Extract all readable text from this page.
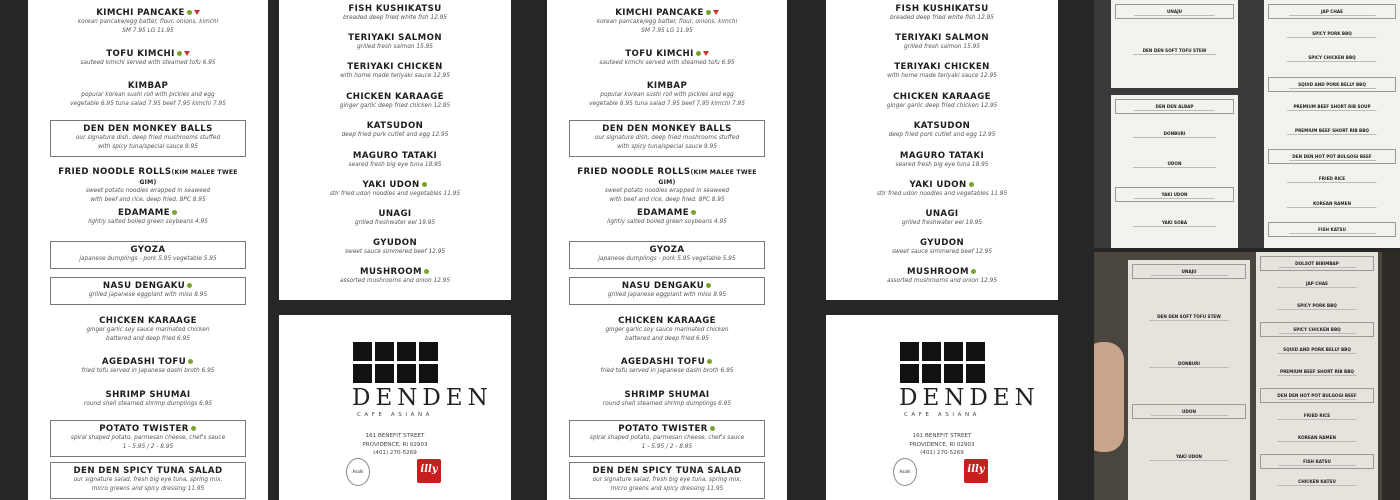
KIMCHI PANCAKE
korean pancake/egg batter, flour, onions, kimchi
SM 7.95 LG 11.95
TOFU KIMCHI
sauteed kimchi served with steamed tofu 6.95
KIMBAP
popular korean sushi roll with pickles and egg
vegetable 6.95 tuna salad 7.95 beef 7.95 kimchi 7.95
DEN DEN MONKEY BALLS
our signature dish, deep fried mushrooms stuffed
with spicy tuna/special sauce 9.95
FRIED NOODLE ROLLS(KIM MALEE TWEE GIM)
sweet potato noodles wrapped in seaweed
with beef and rice, deep fried. 8PC 8.95
EDAMAME
lightly salted boiled green soybeans 4.95
GYOZA
japanese dumplings - pork 5.95 vegetable 5.95
NASU DENGAKU
grilled japanese eggplant with miso 8.95
CHICKEN KARAAGE
ginger garlic soy sauce marinated chicken
battered and deep fried 6.95
AGEDASHI TOFU
fried tofu served in Japanese dashi broth 6.95
SHRIMP SHUMAI
round shell steamed shrimp dumplings 6.95
POTATO TWISTER
spiral shaped potato, parmesan cheese, chef's sauce
1 - 5.95 / 2 - 8.95
DEN DEN SPICY TUNA SALAD
our signature salad, fresh big eye tuna, spring mix,
micro greens and spicy dressing 11.95
FISH KUSHIKATSU
breaded deep fried white fish 12.95
TERIYAKI SALMON
grilled fresh salmon 15.95
TERIYAKI CHICKEN
with home made teriyaki sauce 12.95
CHICKEN KARAAGE
ginger garlic deep fried chicken 12.95
KATSUDON
deep fried pork cutlet and egg 12.95
MAGURO TATAKI
seared fresh big eye tuna 18.95
YAKI UDON
stir fried udon noodles and vegetables 11.95
UNAGI
grilled freshwater eel 19.95
GYUDON
sweet sauce simmered beef 12.95
MUSHROOM
assorted mushrooms and onion 12.95
DENDEN
CAFE ASIANA
161 BENEFIT STREET
PROVIDENCE, RI 02903
(401) 270-5269
Asahi	illy
KIMCHI PANCAKE
korean pancake/egg batter, flour, onions, kimchi
SM 7.95 LG 11.95
TOFU KIMCHI
sauteed kimchi served with steamed tofu 6.95
KIMBAP
popular korean sushi roll with pickles and egg
vegetable 6.95 tuna salad 7.95 beef 7.95 kimchi 7.95
DEN DEN MONKEY BALLS
our signature dish, deep fried mushrooms stuffed
with spicy tuna/special sauce 9.95
FRIED NOODLE ROLLS(KIM MALEE TWEE GIM)
sweet potato noodles wrapped in seaweed
with beef and rice, deep fried. 8PC 8.95
EDAMAME
lightly salted boiled green soybeans 4.95
GYOZA
japanese dumplings - pork 5.95 vegetable 5.95
NASU DENGAKU
grilled japanese eggplant with miso 8.95
CHICKEN KARAAGE
ginger garlic soy sauce marinated chicken
battered and deep fried 6.95
AGEDASHI TOFU
fried tofu served in Japanese dashi broth 6.95
SHRIMP SHUMAI
round shell steamed shrimp dumplings 6.95
POTATO TWISTER
spiral shaped potato, parmesan cheese, chef's sauce
1 - 5.95 / 2 - 8.95
DEN DEN SPICY TUNA SALAD
our signature salad, fresh big eye tuna, spring mix,
micro greens and spicy dressing 11.95
FISH KUSHIKATSU
breaded deep fried white fish 12.95
TERIYAKI SALMON
grilled fresh salmon 15.95
TERIYAKI CHICKEN
with home made teriyaki sauce 12.95
CHICKEN KARAAGE
ginger garlic deep fried chicken 12.95
KATSUDON
deep fried pork cutlet and egg 12.95
MAGURO TATAKI
seared fresh big eye tuna 18.95
YAKI UDON
stir fried udon noodles and vegetables 11.95
UNAGI
grilled freshwater eel 19.95
GYUDON
sweet sauce simmered beef 12.95
MUSHROOM
assorted mushrooms and onion 12.95
DENDEN
CAFE ASIANA
161 BENEFIT STREET
PROVIDENCE, RI 02903
(401) 270-5269
Asahi	illy
UNAJU
DEN DEN SOFT TOFU STEW
DEN DEN ALBAP
DONBURI
UDON
YAKI UDON
YAKI SOBA
JAP CHAE
SPICY PORK BBQ
SPICY CHICKEN BBQ
SQUID AND PORK BELLY BBQ
PREMIUM BEEF SHORT RIB SOUP
PREMIUM BEEF SHORT RIB BBQ
DEN DEN HOT POT BULGOGI BEEF
FRIED RICE
KOREAN RAMEN
FISH KATSU
UNAJU
DEN DEN SOFT TOFU STEW
DONBURI
UDON
YAKI UDON
DOLSOT BIBIMBAP
JAP CHAE
SPICY PORK BBQ
SPICY CHICKEN BBQ
SQUID AND PORK BELLY BBQ
PREMIUM BEEF SHORT RIB BBQ
DEN DEN HOT POT BULGOGI BEEF
FRIED RICE
KOREAN RAMEN
FISH KATSU
CHICKEN KATSU
